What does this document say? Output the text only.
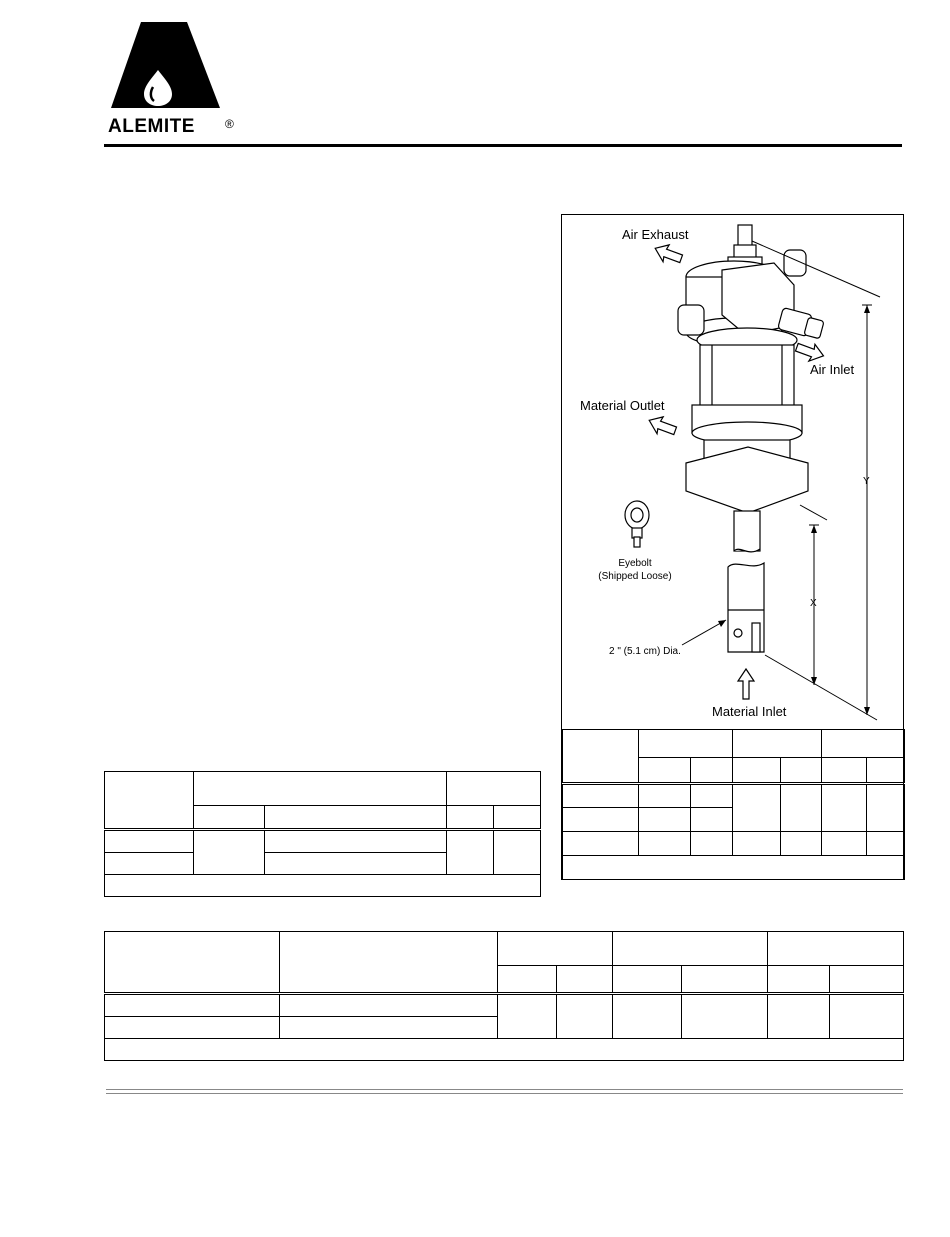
ALEMITE	®
Air Exhaust
Air Inlet
Material Outlet
Eyebolt
(Shipped Loose)
Y
X
2 " (5.1 cm) Dia.
Material Inlet
